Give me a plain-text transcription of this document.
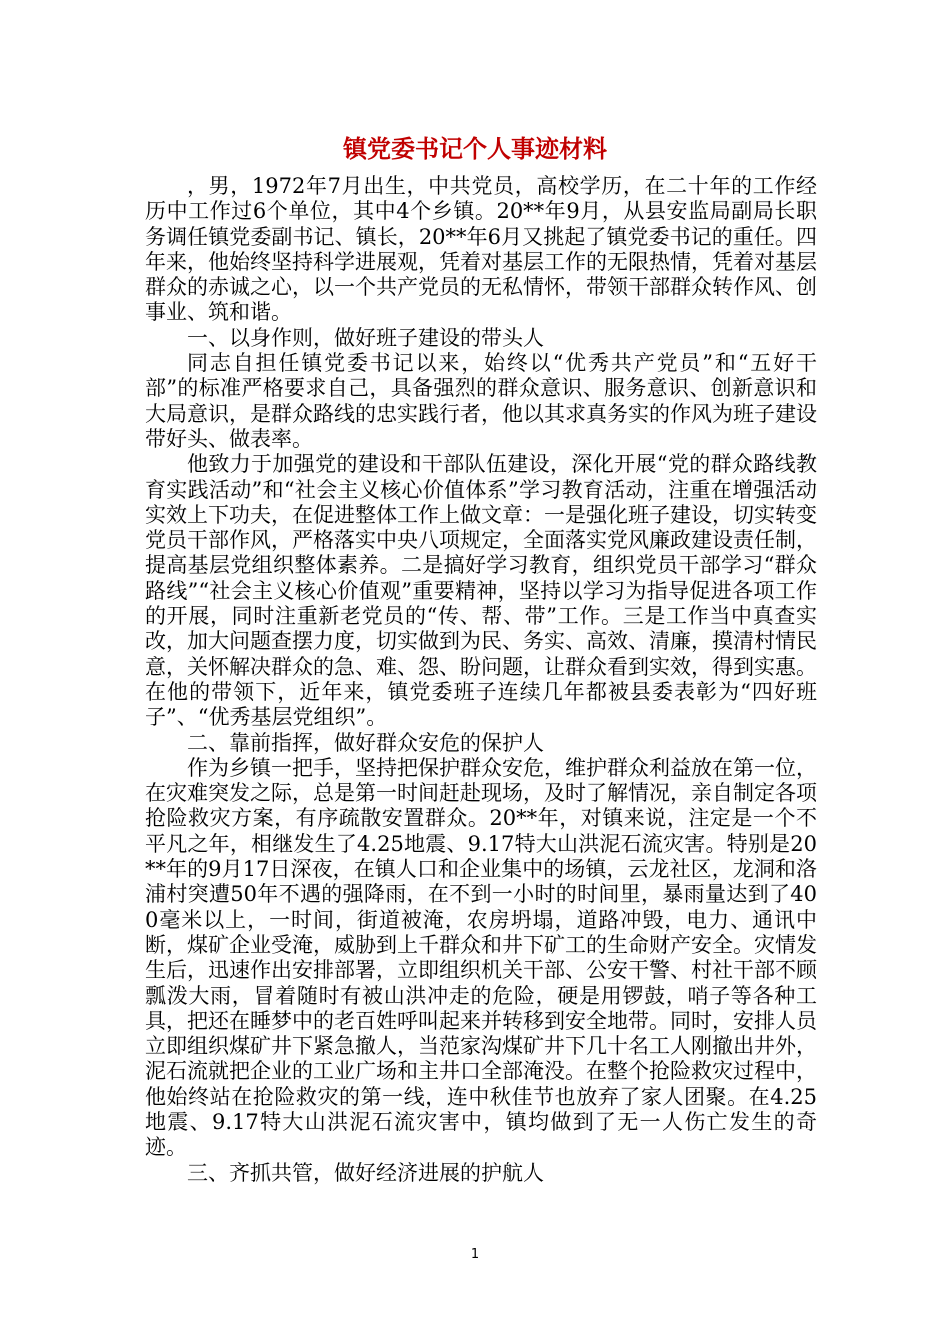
镇党委书记个人事迹材料

，男，1972年7月出生，中共党员，高校学历，在二十年的工作经历中工作过6个单位，其中4个乡镇。20**年9月，从县安监局副局长职务调任镇党委副书记、镇长，20**年6月又挑起了镇党委书记的重任。四年来，他始终坚持科学进展观，凭着对基层工作的无限热情，凭着对基层群众的赤诚之心，以一个共产党员的无私情怀，带领干部群众转作风、创事业、筑和谐。

一、以身作则，做好班子建设的带头人

同志自担任镇党委书记以来，始终以“优秀共产党员”和“五好干部”的标准严格要求自己，具备强烈的群众意识、服务意识、创新意识和大局意识，是群众路线的忠实践行者，他以其求真务实的作风为班子建设带好头、做表率。

他致力于加强党的建设和干部队伍建设，深化开展“党的群众路线教育实践活动”和“社会主义核心价值体系”学习教育活动，注重在增强活动实效上下功夫，在促进整体工作上做文章：一是强化班子建设，切实转变党员干部作风，严格落实中央八项规定，全面落实党风廉政建设责任制，提高基层党组织整体素养。二是搞好学习教育，组织党员干部学习“群众路线”“社会主义核心价值观”重要精神，坚持以学习为指导促进各项工作的开展，同时注重新老党员的“传、帮、带”工作。三是工作当中真查实改，加大问题查摆力度，切实做到为民、务实、高效、清廉，摸清村情民意，关怀解决群众的急、难、怨、盼问题，让群众看到实效，得到实惠。在他的带领下，近年来，镇党委班子连续几年都被县委表彰为“四好班子”、“优秀基层党组织”。

二、靠前指挥，做好群众安危的保护人

作为乡镇一把手，坚持把保护群众安危，维护群众利益放在第一位，在灾难突发之际，总是第一时间赶赴现场，及时了解情况，亲自制定各项抢险救灾方案，有序疏散安置群众。20**年，对镇来说，注定是一个不平凡之年，相继发生了4.25地震、9.17特大山洪泥石流灾害。特别是20**年的9月17日深夜，在镇人口和企业集中的场镇，云龙社区，龙洞和洛浦村突遭50年不遇的强降雨，在不到一小时的时间里，暴雨量达到了400毫米以上，一时间，街道被淹，农房坍塌，道路冲毁，电力、通讯中断，煤矿企业受淹，威胁到上千群众和井下矿工的生命财产安全。灾情发生后，迅速作出安排部署，立即组织机关干部、公安干警、村社干部不顾瓢泼大雨，冒着随时有被山洪冲走的危险，硬是用锣鼓，哨子等各种工具，把还在睡梦中的老百姓呼叫起来并转移到安全地带。同时，安排人员立即组织煤矿井下紧急撤人，当范家沟煤矿井下几十名工人刚撤出井外，泥石流就把企业的工业广场和主井口全部淹没。在整个抢险救灾过程中，他始终站在抢险救灾的第一线，连中秋佳节也放弃了家人团聚。在4.25地震、9.17特大山洪泥石流灾害中，镇均做到了无一人伤亡发生的奇迹。

三、齐抓共管，做好经济进展的护航人

1
